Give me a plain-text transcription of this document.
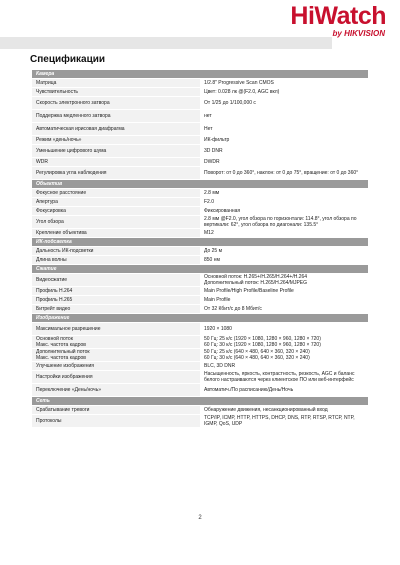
HiWatch
by HIKVISION
Спецификации
Камера	
Матрица	1/2.8" Progressive Scan CMOS
Чувствительность	Цвет: 0.028 лк @(F2.0, AGC вкл)
Скорость электронного затвора	От 1/25 до 1/100,000 с
Поддержка медленного затвора	нет
Автоматическая ирисовая диафрагма	Нет
Режим «день/ночь»	ИК-фильтр
Уменьшение цифрового шума	3D DNR
WDR	DWDR
Регулировка угла наблюдения	Поворот: от 0 до 360°, наклон: от 0 до 75°, вращение: от 0 до 360°
Объектив	
Фокусное расстояние	2.8 мм
Апертура	F2.0
Фокусировка	Фиксированная
Угол обзора	2.8 мм @F2.0, угол обзора по горизонтали: 114.8°, угол обзора по вертикали: 62°, угол обзора по диагонали: 135.5°
Крепление объектива	M12
ИК-подсветка	
Дальность ИК-подсветки	До 25 м
Длина волны	850 нм
Сжатие	
Видеосжатие	Основной поток: H.265+/H.265/H.264+/H.264
Дополнительный поток: H.265/H.264/MJPEG
Профиль H.264	Main Profile/High Profile/Baseline Profile
Профиль H.265	Main Profile
Битрейт видео	От 32 Кбит/с до 8 Мбит/с
Изображение	
Максимальное разрешение	1920 × 1080
Основной поток
Макс. частота кадров	50 Гц: 25 к/с (1920 × 1080, 1280 × 960, 1280 × 720)
60 Гц: 30 к/с (1920 × 1080, 1280 × 960, 1280 × 720)
Дополнительный поток
Макс. частота кадров	50 Гц: 25 к/с (640 × 480, 640 × 360, 320 × 240)
60 Гц: 30 к/с (640 × 480, 640 × 360, 320 × 240)
Улучшение изображения	BLC, 3D DNR
Настройки изображения	Насыщенность, яркость, контрастность, резкость, AGC и баланс белого настраиваются через клиентское ПО или веб-интерфейс
Переключение «День/ночь»	Автоматич./По расписанию/День/Ночь
Сеть	
Срабатывание тревоги	Обнаружение движения, несанкционированный вход
Протоколы	TCP/IP, ICMP, HTTP, HTTPS, DHCP, DNS, RTP, RTSP, RTCP, NTP, IGMP, QoS, UDP
2
